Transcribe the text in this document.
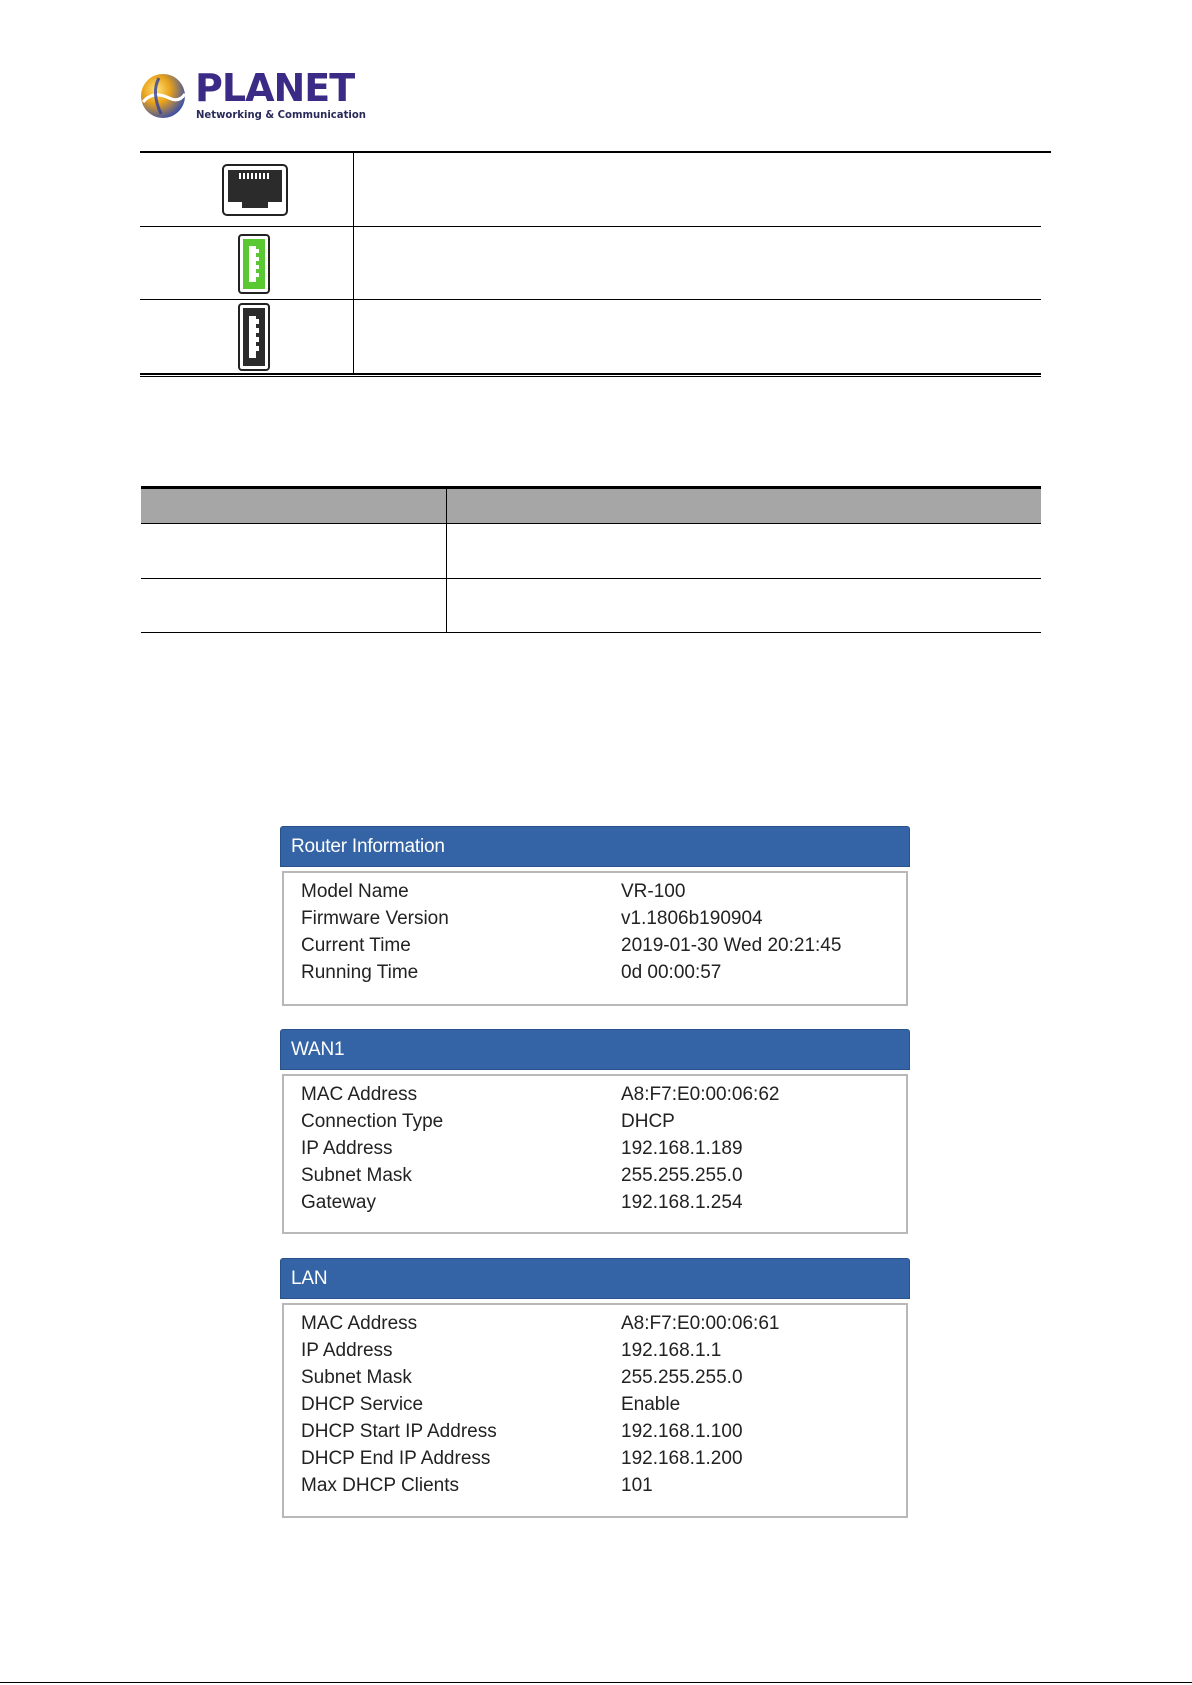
PLANET
Networking & Communication
Router Information
Model Name	VR-100
Firmware Version	v1.1806b190904
Current Time	2019-01-30 Wed 20:21:45
Running Time	0d 00:00:57
WAN1
MAC Address	A8:F7:E0:00:06:62
Connection Type	DHCP
IP Address	192.168.1.189
Subnet Mask	255.255.255.0
Gateway	192.168.1.254
LAN
MAC Address	A8:F7:E0:00:06:61
IP Address	192.168.1.1
Subnet Mask	255.255.255.0
DHCP Service	Enable
DHCP Start IP Address	192.168.1.100
DHCP End IP Address	192.168.1.200
Max DHCP Clients	101
